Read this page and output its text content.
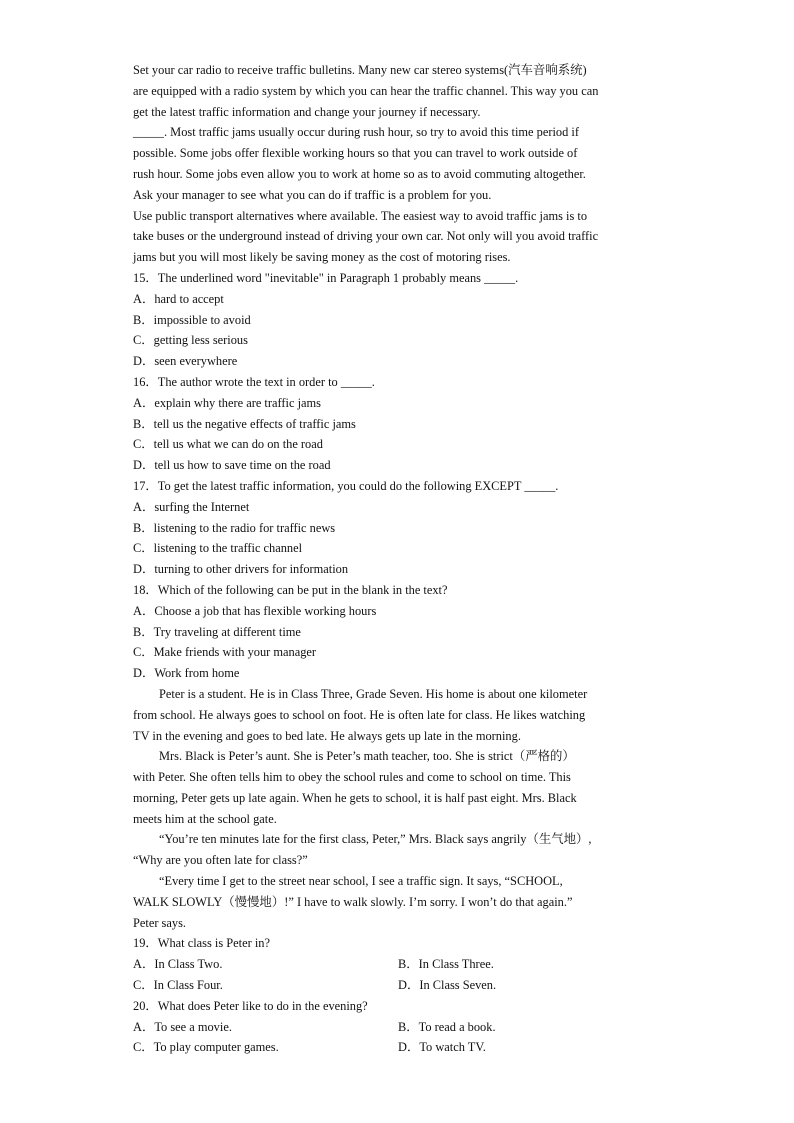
Set your car radio to receive traffic bulletins. Many new car stereo systems(汽车音响系统)
are equipped with a radio system by which you can hear the traffic channel. This way you can
get the latest traffic information and change your journey if necessary.
_____. Most traffic jams usually occur during rush hour, so try to avoid this time period if
possible. Some jobs offer flexible working hours so that you can travel to work outside of
rush hour. Some jobs even allow you to work at home so as to avoid commuting altogether.
Ask your manager to see what you can do if traffic is a problem for you.
Use public transport alternatives where available. The easiest way to avoid traffic jams is to
take buses or the underground instead of driving your own car. Not only will you avoid traffic
jams but you will most likely be saving money as the cost of motoring rises.
15．The underlined word "inevitable" in Paragraph 1 probably means _____.
A．hard to accept
B．impossible to avoid
C．getting less serious
D．seen everywhere
16．The author wrote the text in order to _____.
A．explain why there are traffic jams
B．tell us the negative effects of traffic jams
C．tell us what we can do on the road
D．tell us how to save time on the road
17．To get the latest traffic information, you could do the following EXCEPT _____.
A．surfing the Internet
B．listening to the radio for traffic news
C．listening to the traffic channel
D．turning to other drivers for information
18．Which of the following can be put in the blank in the text?
A．Choose a job that has flexible working hours
B．Try traveling at different time
C．Make friends with your manager
D．Work from home
Peter is a student. He is in Class Three, Grade Seven. His home is about one kilometer
from school. He always goes to school on foot. He is often late for class. He likes watching
TV in the evening and goes to bed late. He always gets up late in the morning.
Mrs. Black is Peter’s aunt. She is Peter’s math teacher, too. She is strict（严格的）
with Peter. She often tells him to obey the school rules and come to school on time. This
morning, Peter gets up late again. When he gets to school, it is half past eight. Mrs. Black
meets him at the school gate.
“You’re ten minutes late for the first class, Peter,” Mrs. Black says angrily（生气地）,
“Why are you often late for class?”
“Every time I get to the street near school, I see a traffic sign. It says, “SCHOOL,
WALK SLOWLY（慢慢地）!” I have to walk slowly. I’m sorry. I won’t do that again.”
Peter says.
19．What class is Peter in?
A．In Class Two.	B．In Class Three.
C．In Class Four.	D．In Class Seven.
20．What does Peter like to do in the evening?
A．To see a movie.	B．To read a book.
C．To play computer games.	D．To watch TV.
